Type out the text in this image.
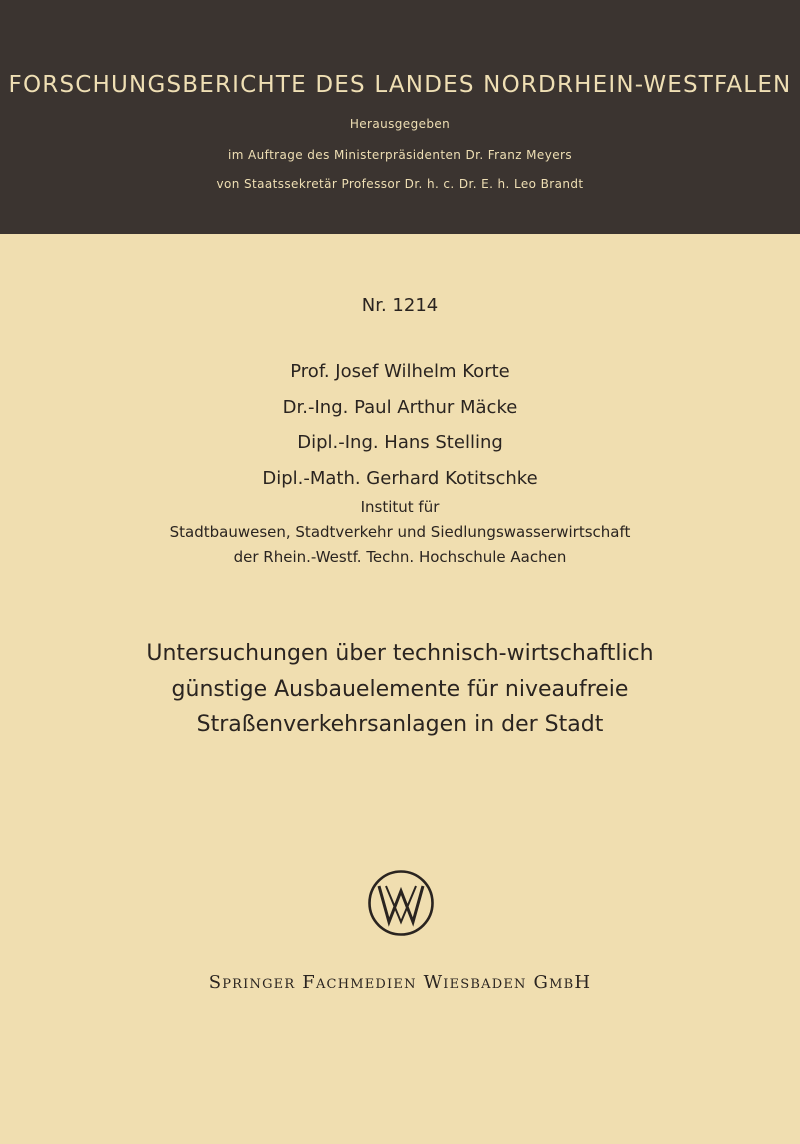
FORSCHUNGSBERICHTE DES LANDES NORDRHEIN-WESTFALEN
Herausgegeben
im Auftrage des Ministerpräsidenten Dr. Franz Meyers
von Staatssekretär Professor Dr. h. c. Dr. E. h. Leo Brandt
Nr. 1214
Prof. Josef Wilhelm Korte
Dr.-Ing. Paul Arthur Mäcke
Dipl.-Ing. Hans Stelling
Dipl.-Math. Gerhard Kotitschke
Institut für
Stadtbauwesen, Stadtverkehr und Siedlungswasserwirtschaft
der Rhein.-Westf. Techn. Hochschule Aachen
Untersuchungen über technisch-wirtschaftlich
günstige Ausbauelemente für niveaufreie
Straßenverkehrsanlagen in der Stadt
Springer Fachmedien Wiesbaden GmbH
